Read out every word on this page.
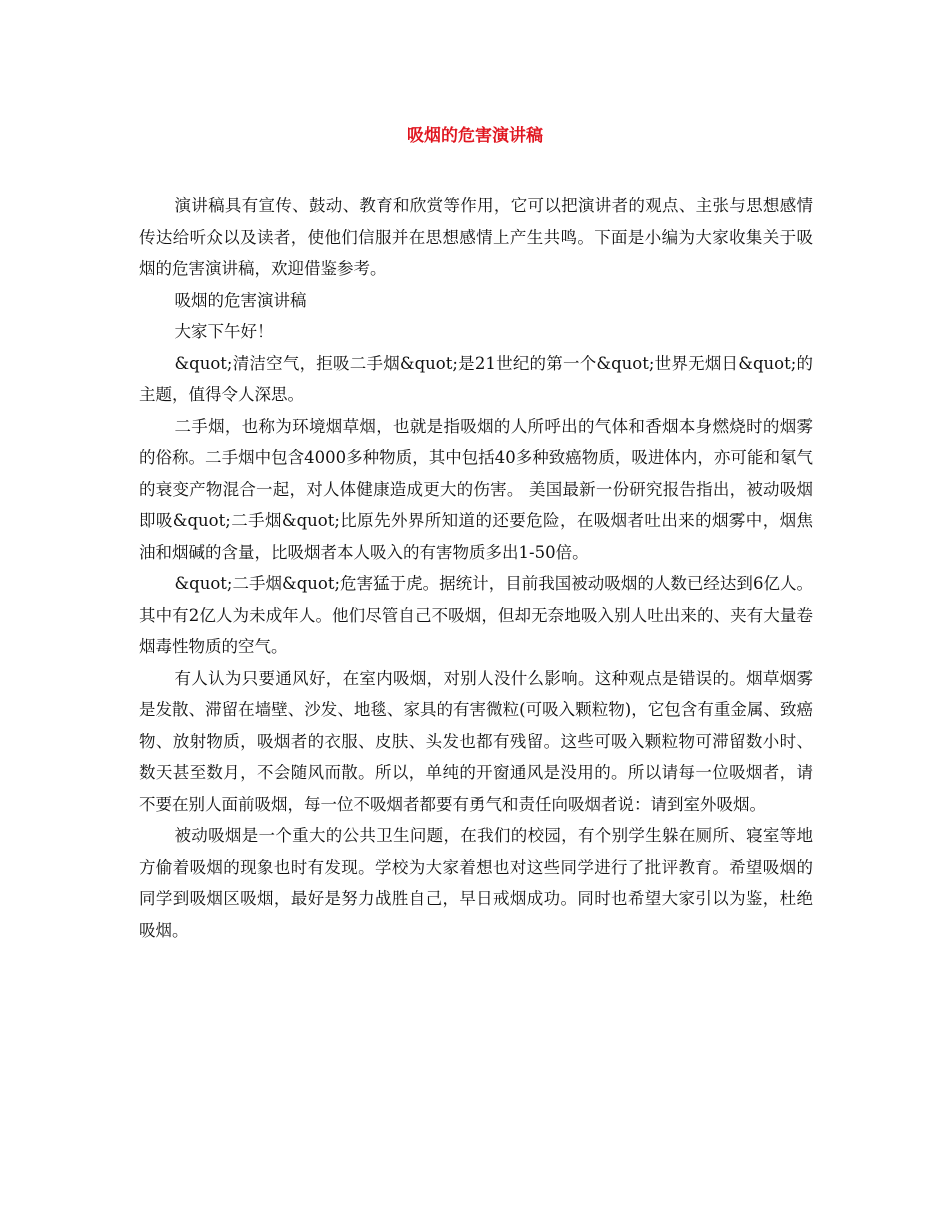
吸烟的危害演讲稿

演讲稿具有宣传、鼓动、教育和欣赏等作用，它可以把演讲者的观点、主张与思想感情传达给听众以及读者，使他们信服并在思想感情上产生共鸣。下面是小编为大家收集关于吸烟的危害演讲稿，欢迎借鉴参考。

吸烟的危害演讲稿

大家下午好！

&quot;清洁空气，拒吸二手烟&quot;是21世纪的第一个&quot;世界无烟日&quot;的主题，值得令人深思。

二手烟，也称为环境烟草烟，也就是指吸烟的人所呼出的气体和香烟本身燃烧时的烟雾的俗称。二手烟中包含4000多种物质，其中包括40多种致癌物质，吸进体内，亦可能和氡气的衰变产物混合一起，对人体健康造成更大的伤害。 美国最新一份研究报告指出，被动吸烟即吸&quot;二手烟&quot;比原先外界所知道的还要危险，在吸烟者吐出来的烟雾中，烟焦油和烟碱的含量，比吸烟者本人吸入的有害物质多出1-50倍。

&quot;二手烟&quot;危害猛于虎。据统计，目前我国被动吸烟的人数已经达到6亿人。其中有2亿人为未成年人。他们尽管自己不吸烟，但却无奈地吸入别人吐出来的、夹有大量卷烟毒性物质的空气。

有人认为只要通风好，在室内吸烟，对别人没什么影响。这种观点是错误的。烟草烟雾是发散、滞留在墙壁、沙发、地毯、家具的有害微粒(可吸入颗粒物)，它包含有重金属、致癌物、放射物质，吸烟者的衣服、皮肤、头发也都有残留。这些可吸入颗粒物可滞留数小时、数天甚至数月，不会随风而散。所以，单纯的开窗通风是没用的。所以请每一位吸烟者，请不要在别人面前吸烟，每一位不吸烟者都要有勇气和责任向吸烟者说：请到室外吸烟。

被动吸烟是一个重大的公共卫生问题，在我们的校园，有个别学生躲在厕所、寝室等地方偷着吸烟的现象也时有发现。学校为大家着想也对这些同学进行了批评教育。希望吸烟的同学到吸烟区吸烟，最好是努力战胜自己，早日戒烟成功。同时也希望大家引以为鉴，杜绝吸烟。
